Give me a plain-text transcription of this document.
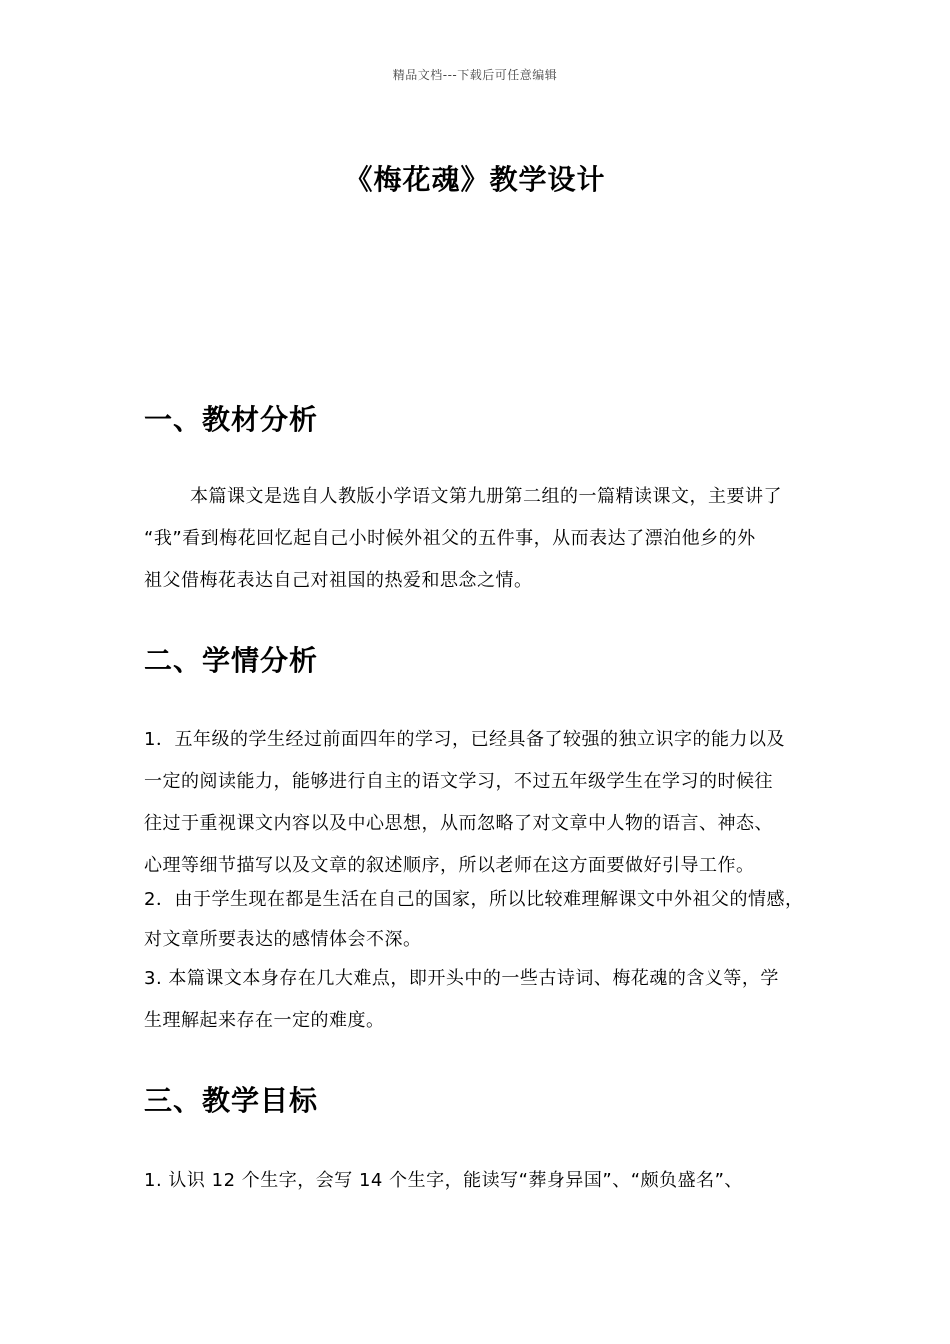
精品文档---下载后可任意编辑
《梅花魂》教学设计
一、教材分析
本篇课文是选自人教版小学语文第九册第二组的一篇精读课文，主要讲了
“我”看到梅花回忆起自己小时候外祖父的五件事，从而表达了漂泊他乡的外
祖父借梅花表达自己对祖国的热爱和思念之情。
二、学情分析
1．五年级的学生经过前面四年的学习，已经具备了较强的独立识字的能力以及
一定的阅读能力，能够进行自主的语文学习，不过五年级学生在学习的时候往
往过于重视课文内容以及中心思想，从而忽略了对文章中人物的语言、神态、
心理等细节描写以及文章的叙述顺序，所以老师在这方面要做好引导工作。
2．由于学生现在都是生活在自己的国家，所以比较难理解课文中外祖父的情感，
对文章所要表达的感情体会不深。
3. 本篇课文本身存在几大难点，即开头中的一些古诗词、梅花魂的含义等，学
生理解起来存在一定的难度。
三、教学目标
1. 认识 12 个生字，会写 14 个生字，能读写“葬身异国”、“颇负盛名”、
